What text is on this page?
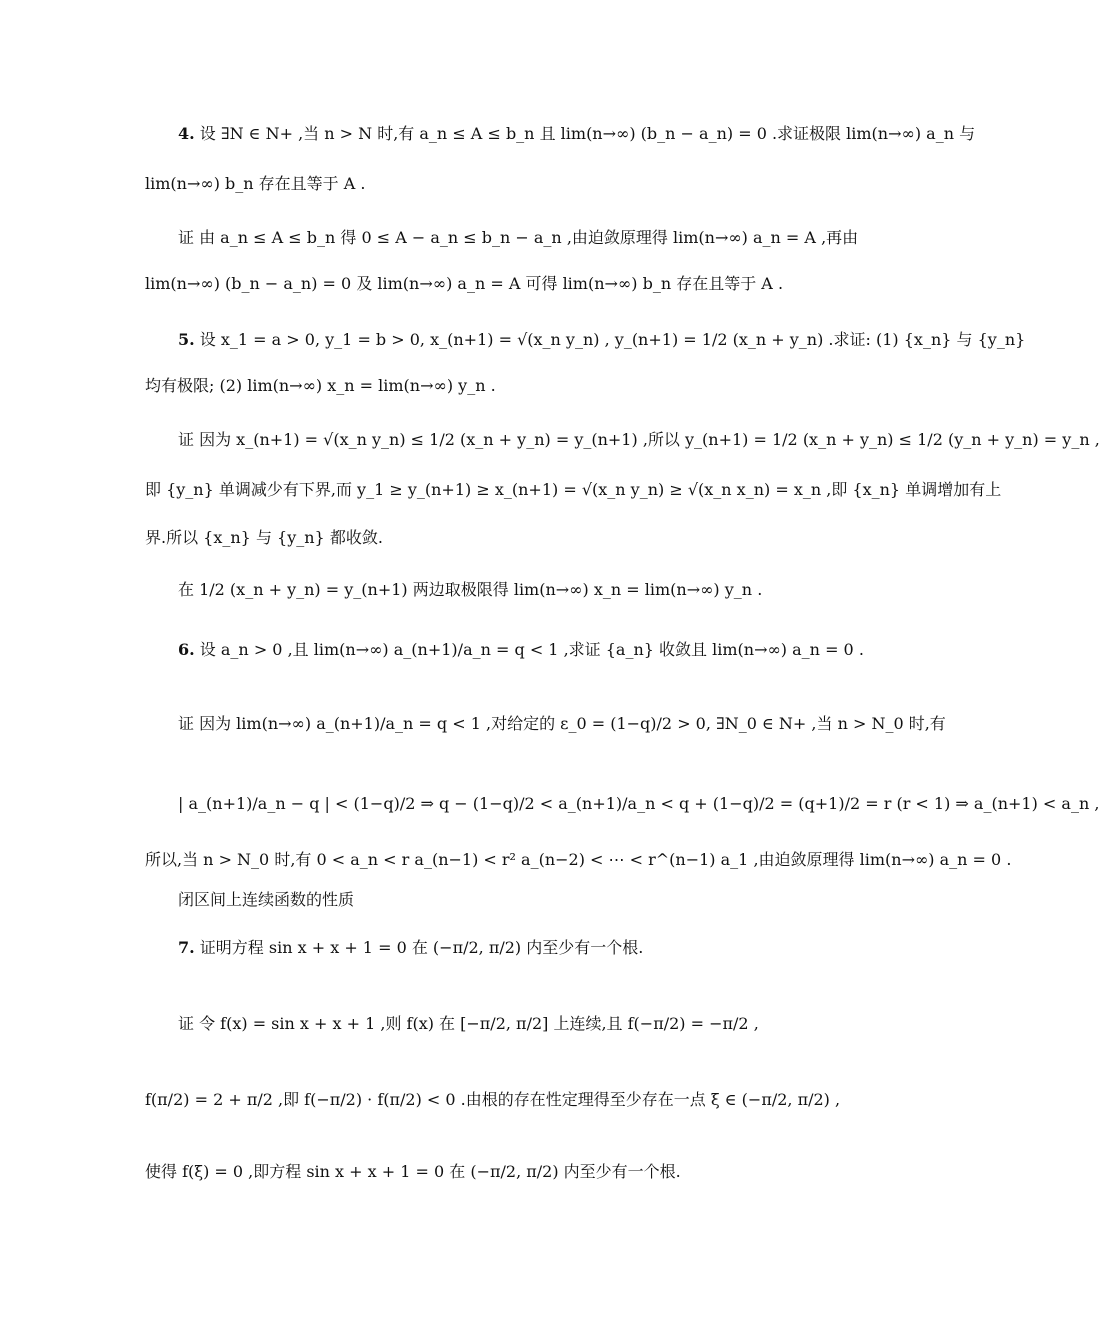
4. 设 ∃N ∈ N+ ,当 n > N 时,有 a_n ≤ A ≤ b_n 且 lim(n→∞) (b_n − a_n) = 0 .求证极限 lim(n→∞) a_n 与
lim(n→∞) b_n 存在且等于 A .
证 由 a_n ≤ A ≤ b_n 得 0 ≤ A − a_n ≤ b_n − a_n ,由迫敛原理得 lim(n→∞) a_n = A ,再由
lim(n→∞) (b_n − a_n) = 0 及 lim(n→∞) a_n = A 可得 lim(n→∞) b_n 存在且等于 A .
5. 设 x_1 = a > 0, y_1 = b > 0, x_(n+1) = √(x_n y_n) , y_(n+1) = 1/2 (x_n + y_n) .求证: (1) {x_n} 与 {y_n}
均有极限; (2) lim(n→∞) x_n = lim(n→∞) y_n .
证 因为 x_(n+1) = √(x_n y_n) ≤ 1/2 (x_n + y_n) = y_(n+1) ,所以 y_(n+1) = 1/2 (x_n + y_n) ≤ 1/2 (y_n + y_n) = y_n ,
即 {y_n} 单调减少有下界,而 y_1 ≥ y_(n+1) ≥ x_(n+1) = √(x_n y_n) ≥ √(x_n x_n) = x_n ,即 {x_n} 单调增加有上
界.所以 {x_n} 与 {y_n} 都收敛.
在 1/2 (x_n + y_n) = y_(n+1) 两边取极限得 lim(n→∞) x_n = lim(n→∞) y_n .
6. 设 a_n > 0 ,且 lim(n→∞) a_(n+1)/a_n = q < 1 ,求证 {a_n} 收敛且 lim(n→∞) a_n = 0 .
证 因为 lim(n→∞) a_(n+1)/a_n = q < 1 ,对给定的 ε_0 = (1−q)/2 > 0, ∃N_0 ∈ N+ ,当 n > N_0 时,有
| a_(n+1)/a_n − q | < (1−q)/2 ⇒ q − (1−q)/2 < a_(n+1)/a_n < q + (1−q)/2 = (q+1)/2 = r (r < 1) ⇒ a_(n+1) < a_n ,
所以,当 n > N_0 时,有 0 < a_n < r a_(n−1) < r² a_(n−2) < ⋯ < r^(n−1) a_1 ,由迫敛原理得 lim(n→∞) a_n = 0 .
闭区间上连续函数的性质
7. 证明方程 sin x + x + 1 = 0 在 (−π/2, π/2) 内至少有一个根.
证 令 f(x) = sin x + x + 1 ,则 f(x) 在 [−π/2, π/2] 上连续,且 f(−π/2) = −π/2 ,
f(π/2) = 2 + π/2 ,即 f(−π/2) · f(π/2) < 0 .由根的存在性定理得至少存在一点 ξ ∈ (−π/2, π/2) ,
使得 f(ξ) = 0 ,即方程 sin x + x + 1 = 0 在 (−π/2, π/2) 内至少有一个根.
